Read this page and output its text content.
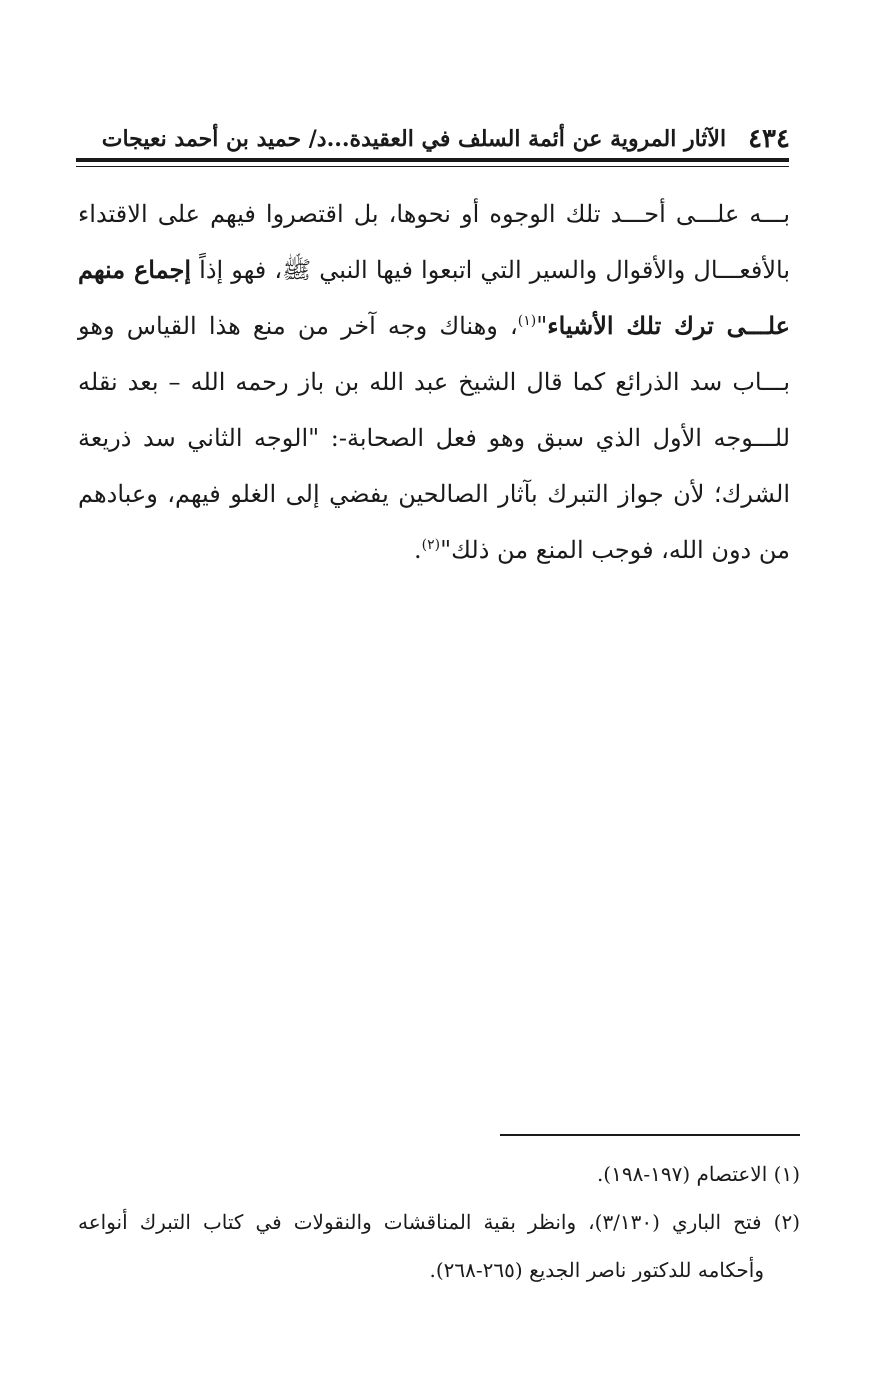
٤٣٤
الآثار المروية عن أئمة السلف في العقيدة...د/ حميد بن أحمد نعيجات
بـــه علـــى أحـــد تلك الوجوه أو نحوها، بل اقتصروا فيهم على الاقتداء
بالأفعـــال والأقوال والسير التي اتبعوا فيها النبي ﷺ، فهو إذاً إجماع منهم
علـــى ترك تلك الأشياء"$^{(١)}$، وهناك وجه آخر من منع هذا القياس وهو
بـــاب سد الذرائع كما قال الشيخ عبد الله بن باز رحمه الله – بعد نقله
للـــوجه الأول الذي سبق وهو فعل الصحابة-: "الوجه الثاني سد ذريعة
الشرك؛ لأن جواز التبرك بآثار الصالحين يفضي إلى الغلو فيهم، وعبادهم
من دون الله، فوجب المنع من ذلك"$^{(٢)}$.
(١) الاعتصام (١٩٧-١٩٨).
(٢) فتح الباري (٣/١٣٠)، وانظر بقية المناقشات والنقولات في كتاب التبرك أنواعه
وأحكامه للدكتور ناصر الجديع (٢٦٥-٢٦٨).
